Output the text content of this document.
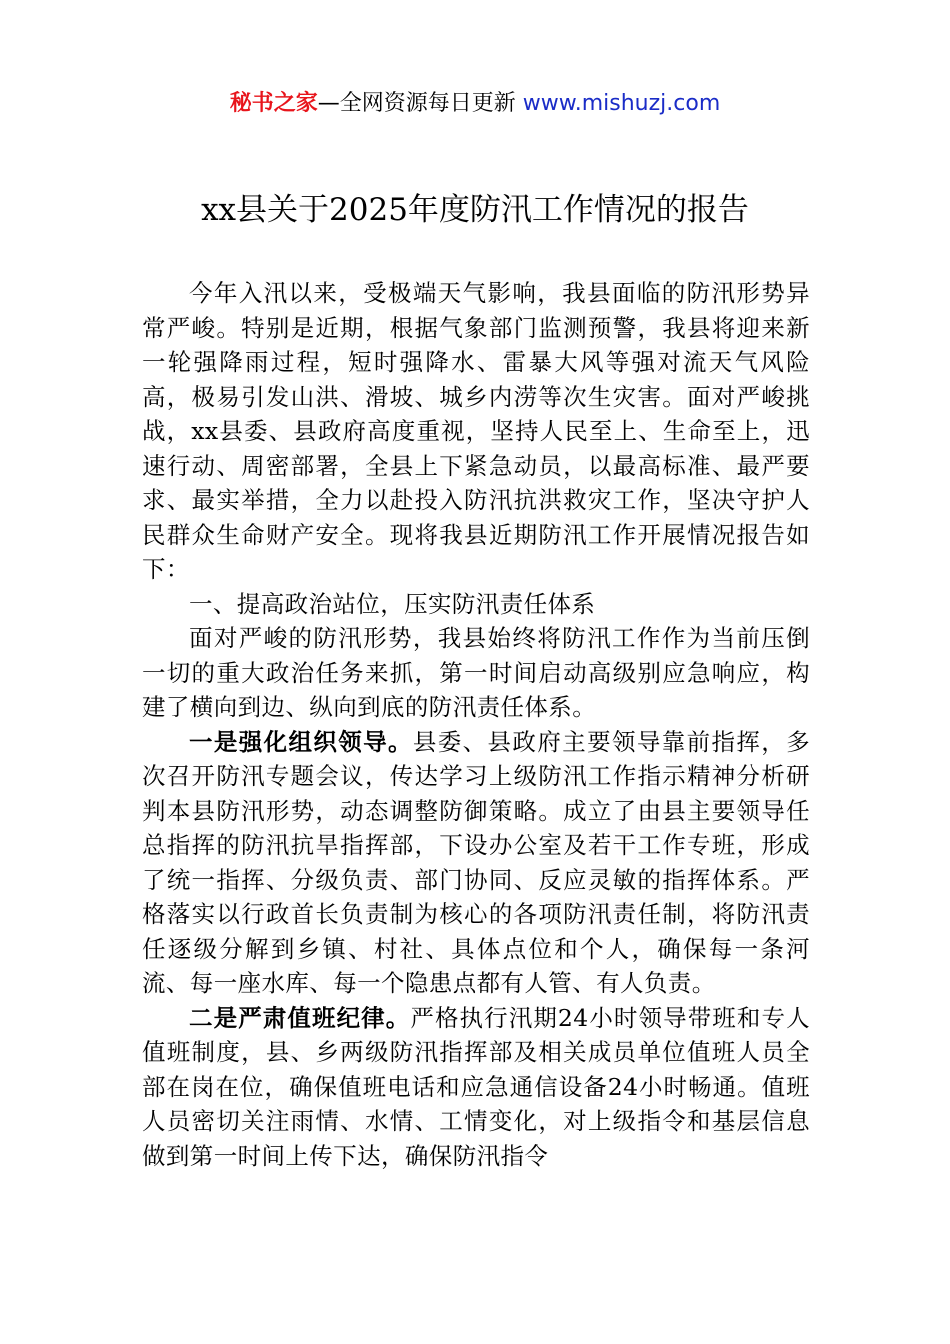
秘书之家—全网资源每日更新 www.mishuzj.com
xx县关于2025年度防汛工作情况的报告

今年入汛以来，受极端天气影响，我县面临的防汛形势异常严峻。特别是近期，根据气象部门监测预警，我县将迎来新一轮强降雨过程，短时强降水、雷暴大风等强对流天气风险高，极易引发山洪、滑坡、城乡内涝等次生灾害。面对严峻挑战，xx县委、县政府高度重视，坚持人民至上、生命至上，迅速行动、周密部署，全县上下紧急动员，以最高标准、最严要求、最实举措，全力以赴投入防汛抗洪救灾工作，坚决守护人民群众生命财产安全。现将我县近期防汛工作开展情况报告如下：

一、提高政治站位，压实防汛责任体系

面对严峻的防汛形势，我县始终将防汛工作作为当前压倒一切的重大政治任务来抓，第一时间启动高级别应急响应，构建了横向到边、纵向到底的防汛责任体系。

一是强化组织领导。县委、县政府主要领导靠前指挥，多次召开防汛专题会议，传达学习上级防汛工作指示精神分析研判本县防汛形势，动态调整防御策略。成立了由县主要领导任总指挥的防汛抗旱指挥部，下设办公室及若干工作专班，形成了统一指挥、分级负责、部门协同、反应灵敏的指挥体系。严格落实以行政首长负责制为核心的各项防汛责任制，将防汛责任逐级分解到乡镇、村社、具体点位和个人，确保每一条河流、每一座水库、每一个隐患点都有人管、有人负责。

二是严肃值班纪律。严格执行汛期24小时领导带班和专人值班制度，县、乡两级防汛指挥部及相关成员单位值班人员全部在岗在位，确保值班电话和应急通信设备24小时畅通。值班人员密切关注雨情、水情、工情变化，对上级指令和基层信息做到第一时间上传下达，确保防汛指令
